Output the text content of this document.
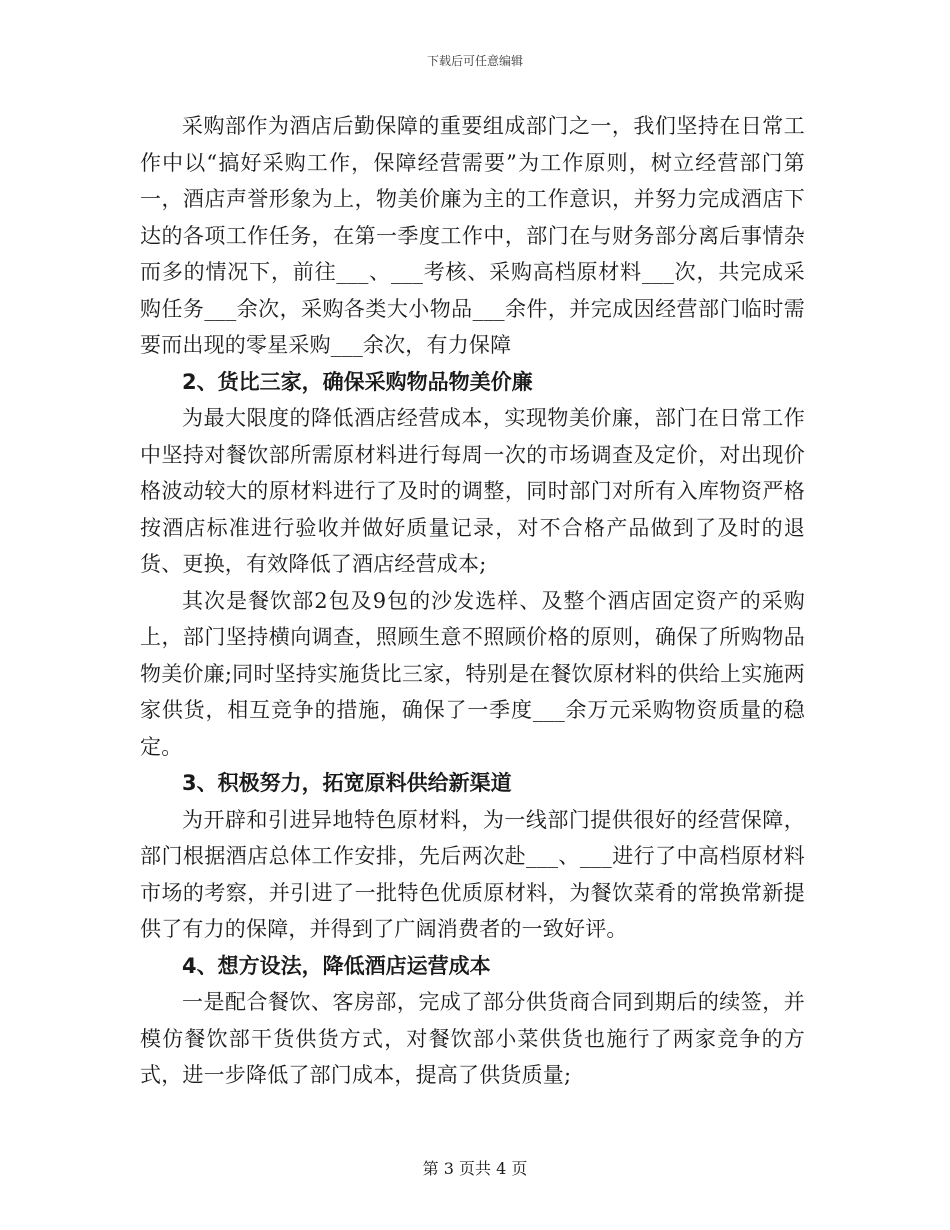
下载后可任意编辑

采购部作为酒店后勤保障的重要组成部门之一，我们坚持在日常工作中以“搞好采购工作，保障经营需要”为工作原则，树立经营部门第一，酒店声誉形象为上，物美价廉为主的工作意识，并努力完成酒店下达的各项工作任务，在第一季度工作中，部门在与财务部分离后事情杂而多的情况下，前往___、___考核、采购高档原材料___次，共完成采购任务___余次，采购各类大小物品___余件，并完成因经营部门临时需要而出现的零星采购___余次，有力保障

2、货比三家，确保采购物品物美价廉

为最大限度的降低酒店经营成本，实现物美价廉，部门在日常工作中坚持对餐饮部所需原材料进行每周一次的市场调查及定价，对出现价格波动较大的原材料进行了及时的调整，同时部门对所有入库物资严格按酒店标准进行验收并做好质量记录，对不合格产品做到了及时的退货、更换，有效降低了酒店经营成本;

其次是餐饮部2包及9包的沙发选样、及整个酒店固定资产的采购上，部门坚持横向调查，照顾生意不照顾价格的原则，确保了所购物品物美价廉;同时坚持实施货比三家，特别是在餐饮原材料的供给上实施两家供货，相互竞争的措施，确保了一季度___余万元采购物资质量的稳定。

3、积极努力，拓宽原料供给新渠道

为开辟和引进异地特色原材料，为一线部门提供很好的经营保障，部门根据酒店总体工作安排，先后两次赴___、___进行了中高档原材料市场的考察，并引进了一批特色优质原材料，为餐饮菜肴的常换常新提供了有力的保障，并得到了广阔消费者的一致好评。

4、想方设法，降低酒店运营成本

一是配合餐饮、客房部，完成了部分供货商合同到期后的续签，并模仿餐饮部干货供货方式，对餐饮部小菜供货也施行了两家竞争的方式，进一步降低了部门成本，提高了供货质量;

第 3 页共 4 页
